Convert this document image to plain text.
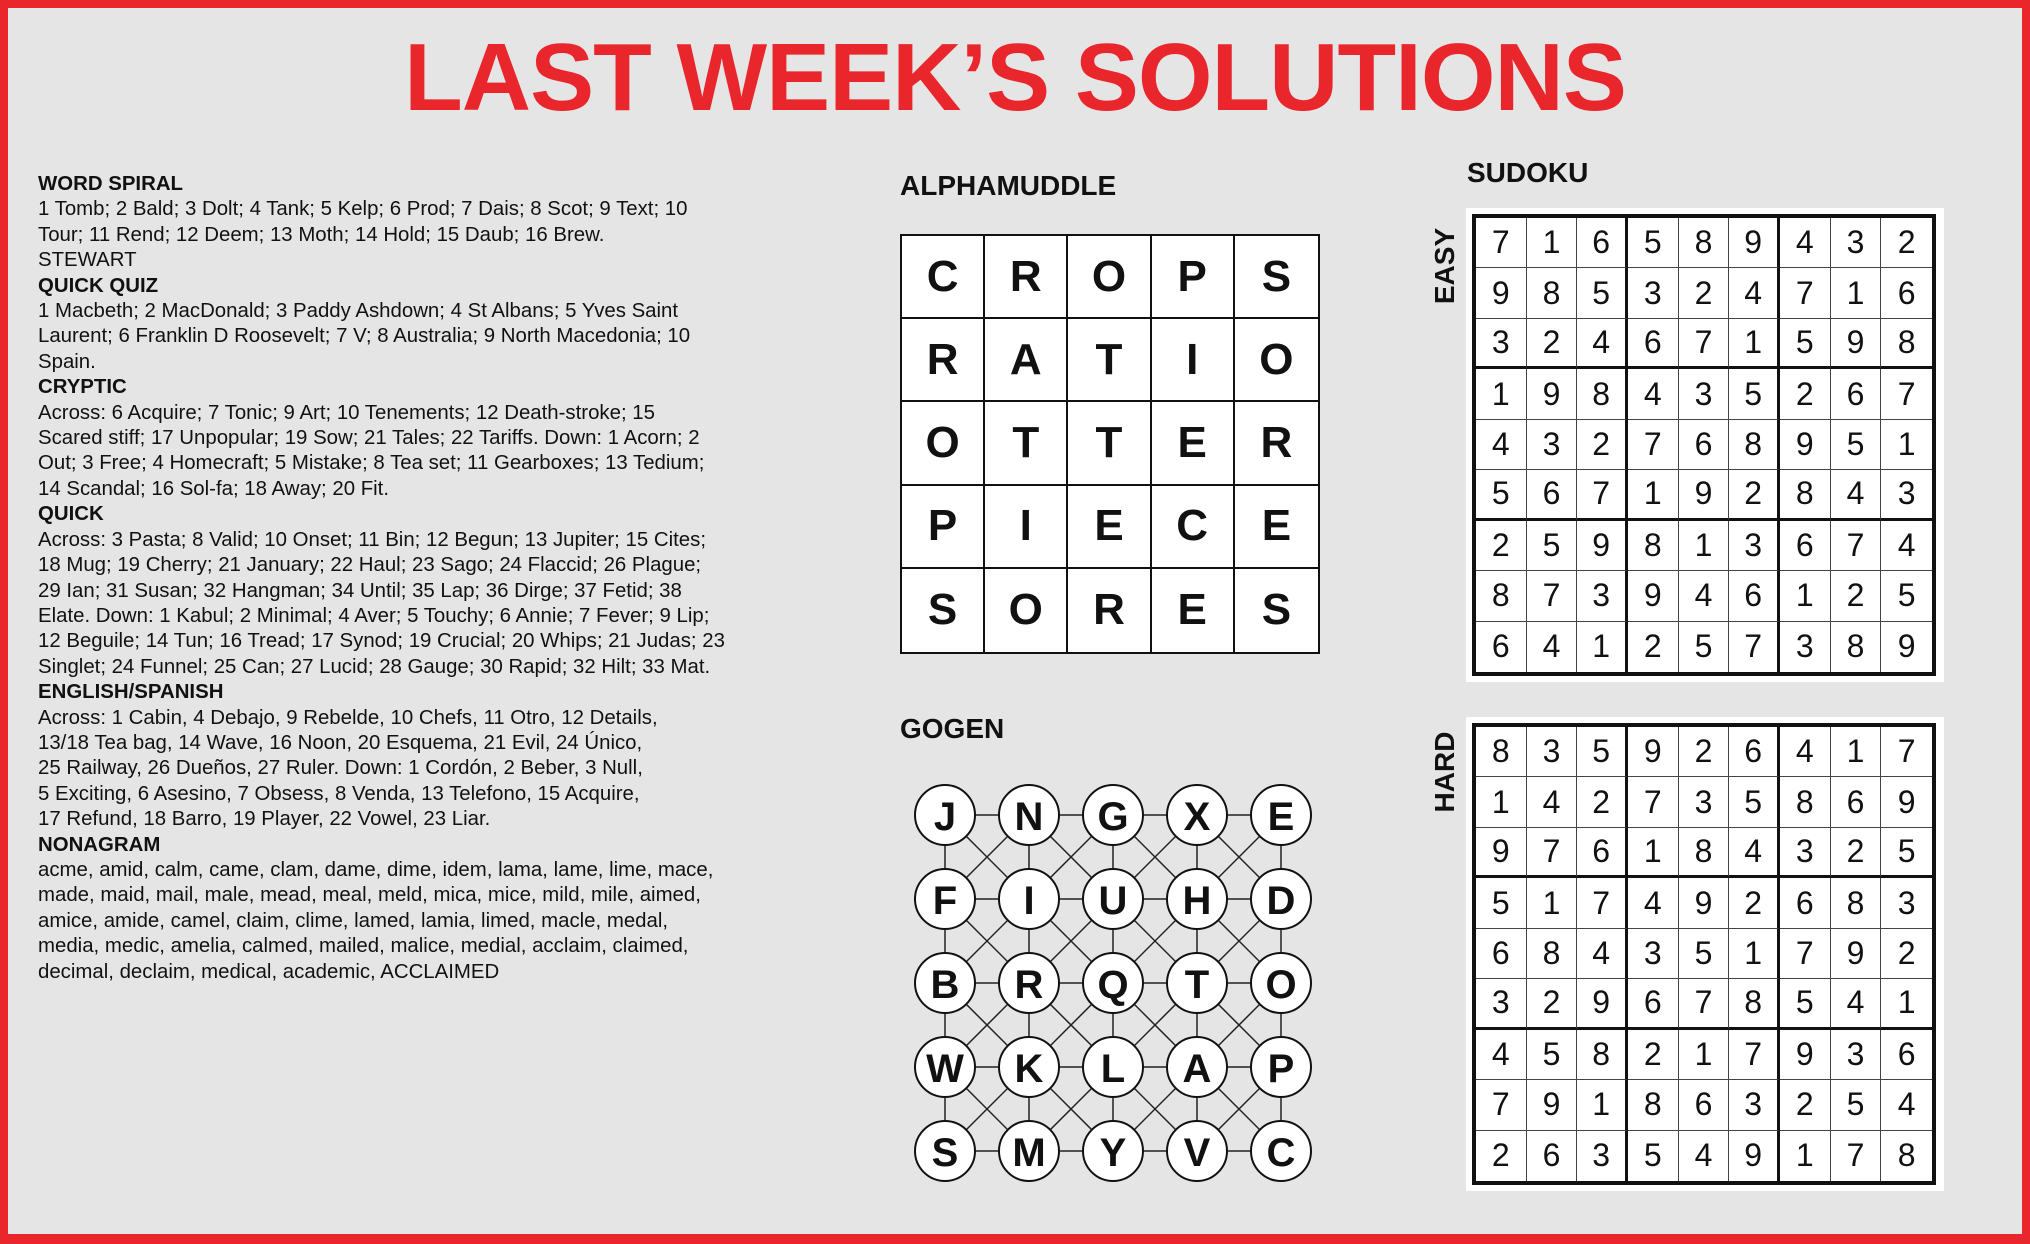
LAST WEEK’S SOLUTIONS
WORD SPIRAL
1 Tomb; 2 Bald; 3 Dolt; 4 Tank; 5 Kelp; 6 Prod; 7 Dais; 8 Scot; 9 Text; 10
Tour; 11 Rend; 12 Deem; 13 Moth; 14 Hold; 15 Daub; 16 Brew.
STEWART
QUICK QUIZ
1 Macbeth; 2 MacDonald; 3 Paddy Ashdown; 4 St Albans; 5 Yves Saint
Laurent; 6 Franklin D Roosevelt; 7 V; 8 Australia; 9 North Macedonia; 10
Spain.
CRYPTIC
Across: 6 Acquire; 7 Tonic; 9 Art; 10 Tenements; 12 Death-stroke; 15
Scared stiff; 17 Unpopular; 19 Sow; 21 Tales; 22 Tariffs. Down: 1 Acorn; 2
Out; 3 Free; 4 Homecraft; 5 Mistake; 8 Tea set; 11 Gearboxes; 13 Tedium;
14 Scandal; 16 Sol-fa; 18 Away; 20 Fit.
QUICK
Across: 3 Pasta; 8 Valid; 10 Onset; 11 Bin; 12 Begun; 13 Jupiter; 15 Cites;
18 Mug; 19 Cherry; 21 January; 22 Haul; 23 Sago; 24 Flaccid; 26 Plague;
29 Ian; 31 Susan; 32 Hangman; 34 Until; 35 Lap; 36 Dirge; 37 Fetid; 38
Elate. Down: 1 Kabul; 2 Minimal; 4 Aver; 5 Touchy; 6 Annie; 7 Fever; 9 Lip;
12 Beguile; 14 Tun; 16 Tread; 17 Synod; 19 Crucial; 20 Whips; 21 Judas; 23
Singlet; 24 Funnel; 25 Can; 27 Lucid; 28 Gauge; 30 Rapid; 32 Hilt; 33 Mat.
ENGLISH/SPANISH
Across: 1 Cabin, 4 Debajo, 9 Rebelde, 10 Chefs, 11 Otro, 12 Details,
13/18 Tea bag, 14 Wave, 16 Noon, 20 Esquema, 21 Evil, 24 Único,
25 Railway, 26 Dueños, 27 Ruler. Down: 1 Cordón, 2 Beber, 3 Null,
5 Exciting, 6 Asesino, 7 Obsess, 8 Venda, 13 Telefono, 15 Acquire,
17 Refund, 18 Barro, 19 Player, 22 Vowel, 23 Liar.
NONAGRAM
acme, amid, calm, came, clam, dame, dime, idem, lama, lame, lime, mace,
made, maid, mail, male, mead, meal, meld, mica, mice, mild, mile, aimed,
amice, amide, camel, claim, clime, lamed, lamia, limed, macle, medal,
media, medic, amelia, calmed, mailed, malice, medial, acclaim, claimed,
decimal, declaim, medical, academic, ACCLAIMED
ALPHAMUDDLE
C	R	O	P	S
R	A	T	I	O
O	T	T	E	R
P	I	E	C	E
S	O	R	E	S
GOGEN
J N G X E
F I U H D
B R Q T O
W K L A P
S M Y V C
SUDOKU
EASY 7	1 6	5	8 9	4	3	2
9	8 5	3	2 4	7	1	6
3	2 4	6	7 1	5	9	8
1	9 8	4	3 5	2	6	7
4	3 2	7	6 8	9	5	1
5	6 7	1	9 2	8	4	3
2	5 9	8	1 3	6	7	4
8	7 3	9	4 6	1	2	5
6	4 1	2	5 7	3	8	9
HARD 8	3 5	9	2 6	4	1	7
1	4 2	7	3 5	8	6	9
9	7 6	1	8 4	3	2	5
5	1 7	4	9 2	6	8	3
6	8 4	3	5 1	7	9	2
3	2 9	6	7 8	5	4	1
4	5 8	2	1 7	9	3	6
7	9 1	8	6 3	2	5	4
2	6 3	5	4 9	1	7	8
